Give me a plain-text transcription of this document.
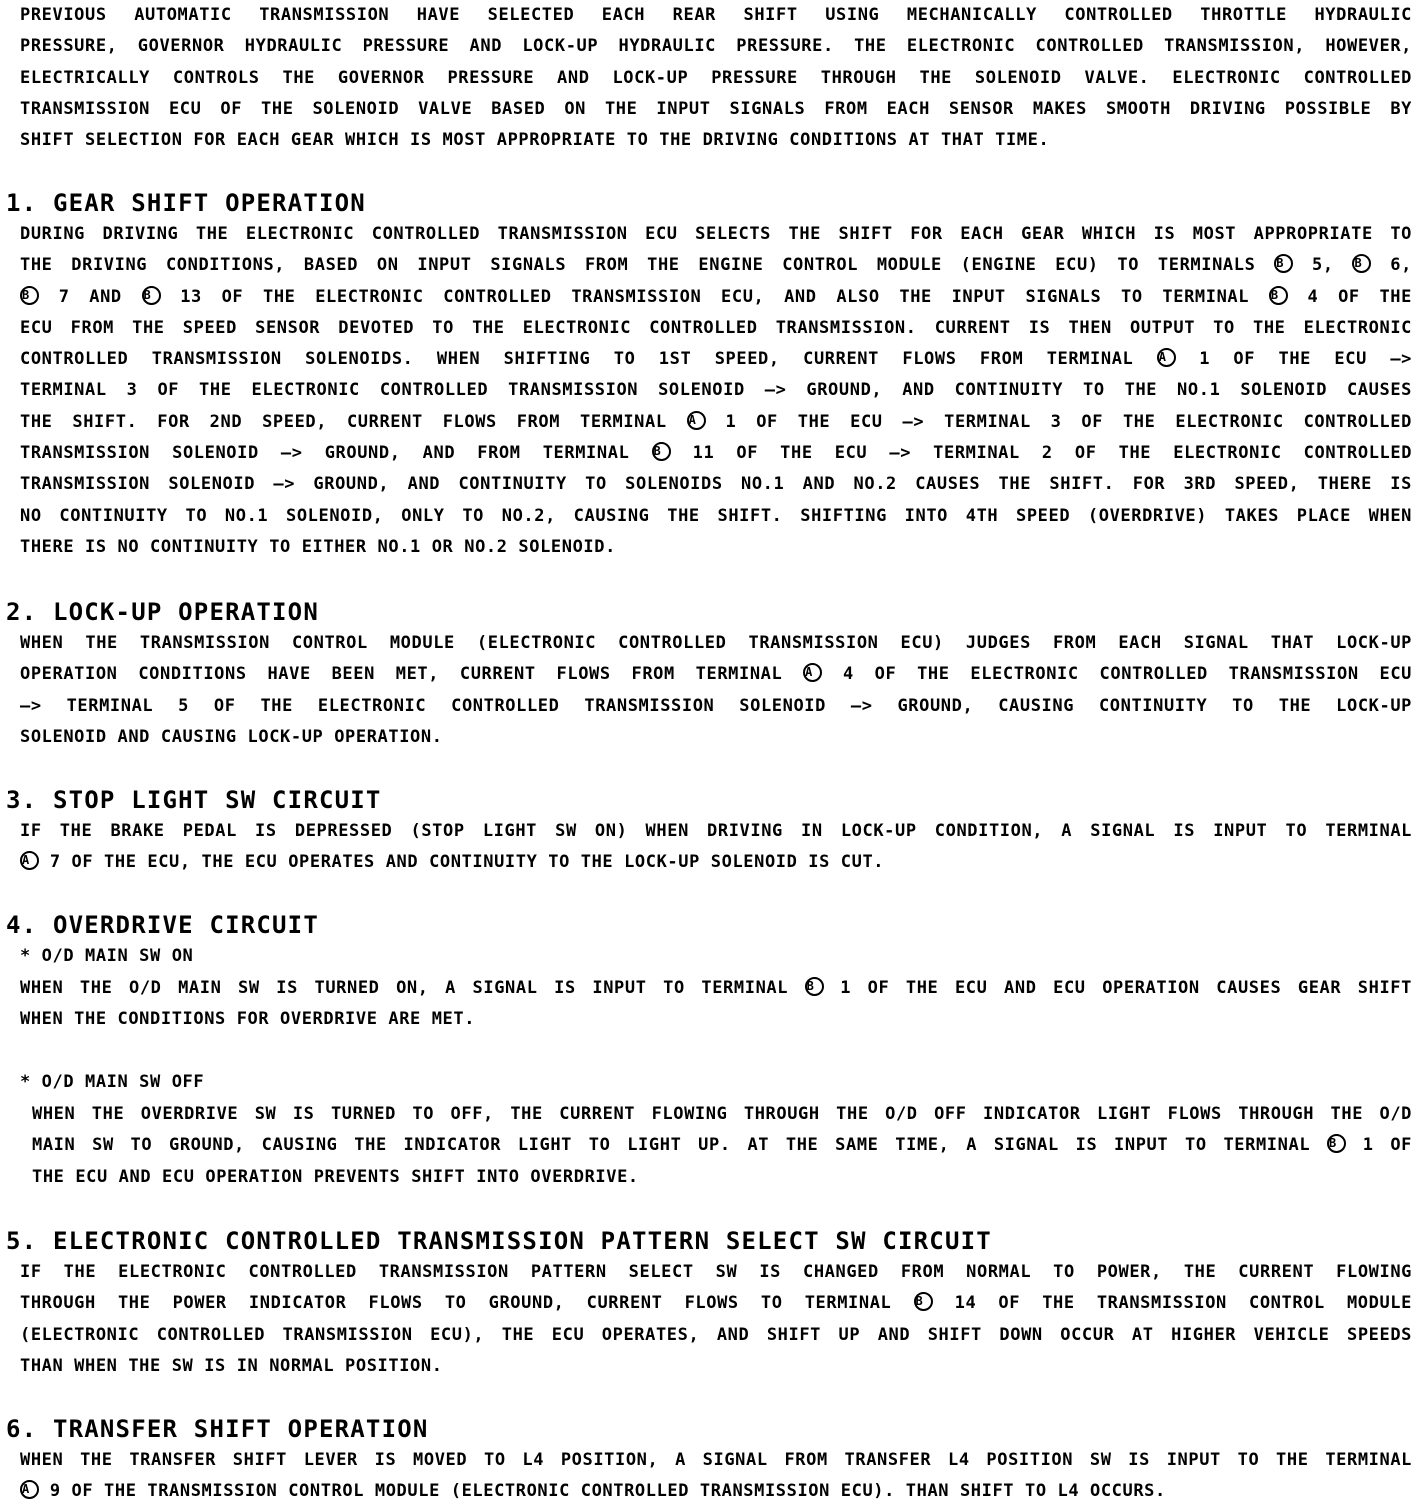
PREVIOUS AUTOMATIC TRANSMISSION HAVE SELECTED EACH REAR SHIFT USING MECHANICALLY CONTROLLED THROTTLE HYDRAULIC
PRESSURE, GOVERNOR HYDRAULIC PRESSURE AND LOCK-UP HYDRAULIC PRESSURE. THE ELECTRONIC CONTROLLED TRANSMISSION, HOWEVER,
ELECTRICALLY CONTROLS THE GOVERNOR PRESSURE AND LOCK-UP PRESSURE THROUGH THE SOLENOID VALVE. ELECTRONIC CONTROLLED
TRANSMISSION ECU OF THE SOLENOID VALVE BASED ON THE INPUT SIGNALS FROM EACH SENSOR MAKES SMOOTH DRIVING POSSIBLE BY
SHIFT SELECTION FOR EACH GEAR WHICH IS MOST APPROPRIATE TO THE DRIVING CONDITIONS AT THAT TIME.
1. GEAR SHIFT OPERATION
DURING DRIVING THE ELECTRONIC CONTROLLED TRANSMISSION ECU SELECTS THE SHIFT FOR EACH GEAR WHICH IS MOST APPROPRIATE TO
THE DRIVING CONDITIONS, BASED ON INPUT SIGNALS FROM THE ENGINE CONTROL MODULE (ENGINE ECU) TO TERMINALS B 5, B 6,
B 7 AND B 13 OF THE ELECTRONIC CONTROLLED TRANSMISSION ECU, AND ALSO THE INPUT SIGNALS TO TERMINAL B 4 OF THE
ECU FROM THE SPEED SENSOR DEVOTED TO THE ELECTRONIC CONTROLLED TRANSMISSION. CURRENT IS THEN OUTPUT TO THE ELECTRONIC
CONTROLLED TRANSMISSION SOLENOIDS. WHEN SHIFTING TO 1ST SPEED, CURRENT FLOWS FROM TERMINAL A 1 OF THE ECU —>
TERMINAL 3 OF THE ELECTRONIC CONTROLLED TRANSMISSION SOLENOID —> GROUND, AND CONTINUITY TO THE NO.1 SOLENOID CAUSES
THE SHIFT. FOR 2ND SPEED, CURRENT FLOWS FROM TERMINAL A 1 OF THE ECU —> TERMINAL 3 OF THE ELECTRONIC CONTROLLED
TRANSMISSION SOLENOID —> GROUND, AND FROM TERMINAL B 11 OF THE ECU —> TERMINAL 2 OF THE ELECTRONIC CONTROLLED
TRANSMISSION SOLENOID —> GROUND, AND CONTINUITY TO SOLENOIDS NO.1 AND NO.2 CAUSES THE SHIFT. FOR 3RD SPEED, THERE IS
NO CONTINUITY TO NO.1 SOLENOID, ONLY TO NO.2, CAUSING THE SHIFT. SHIFTING INTO 4TH SPEED (OVERDRIVE) TAKES PLACE WHEN
THERE IS NO CONTINUITY TO EITHER NO.1 OR NO.2 SOLENOID.
2. LOCK-UP OPERATION
WHEN THE TRANSMISSION CONTROL MODULE (ELECTRONIC CONTROLLED TRANSMISSION ECU) JUDGES FROM EACH SIGNAL THAT LOCK-UP
OPERATION CONDITIONS HAVE BEEN MET, CURRENT FLOWS FROM TERMINAL A 4 OF THE ELECTRONIC CONTROLLED TRANSMISSION ECU
—> TERMINAL 5 OF THE ELECTRONIC CONTROLLED TRANSMISSION SOLENOID —> GROUND, CAUSING CONTINUITY TO THE LOCK-UP
SOLENOID AND CAUSING LOCK-UP OPERATION.
3. STOP LIGHT SW CIRCUIT
IF THE BRAKE PEDAL IS DEPRESSED (STOP LIGHT SW ON) WHEN DRIVING IN LOCK-UP CONDITION, A SIGNAL IS INPUT TO TERMINAL
A 7 OF THE ECU, THE ECU OPERATES AND CONTINUITY TO THE LOCK-UP SOLENOID IS CUT.
4. OVERDRIVE CIRCUIT
* O/D MAIN SW ON
WHEN THE O/D MAIN SW IS TURNED ON, A SIGNAL IS INPUT TO TERMINAL B 1 OF THE ECU AND ECU OPERATION CAUSES GEAR SHIFT
WHEN THE CONDITIONS FOR OVERDRIVE ARE MET.
* O/D MAIN SW OFF
WHEN THE OVERDRIVE SW IS TURNED TO OFF, THE CURRENT FLOWING THROUGH THE O/D OFF INDICATOR LIGHT FLOWS THROUGH THE O/D
MAIN SW TO GROUND, CAUSING THE INDICATOR LIGHT TO LIGHT UP. AT THE SAME TIME, A SIGNAL IS INPUT TO TERMINAL B 1 OF
THE ECU AND ECU OPERATION PREVENTS SHIFT INTO OVERDRIVE.
5. ELECTRONIC CONTROLLED TRANSMISSION PATTERN SELECT SW CIRCUIT
IF THE ELECTRONIC CONTROLLED TRANSMISSION PATTERN SELECT SW IS CHANGED FROM NORMAL TO POWER, THE CURRENT FLOWING
THROUGH THE POWER INDICATOR FLOWS TO GROUND, CURRENT FLOWS TO TERMINAL B 14 OF THE TRANSMISSION CONTROL MODULE
(ELECTRONIC CONTROLLED TRANSMISSION ECU), THE ECU OPERATES, AND SHIFT UP AND SHIFT DOWN OCCUR AT HIGHER VEHICLE SPEEDS
THAN WHEN THE SW IS IN NORMAL POSITION.
6. TRANSFER SHIFT OPERATION
WHEN THE TRANSFER SHIFT LEVER IS MOVED TO L4 POSITION, A SIGNAL FROM TRANSFER L4 POSITION SW IS INPUT TO THE TERMINAL
A 9 OF THE TRANSMISSION CONTROL MODULE (ELECTRONIC CONTROLLED TRANSMISSION ECU). THAN SHIFT TO L4 OCCURS.
